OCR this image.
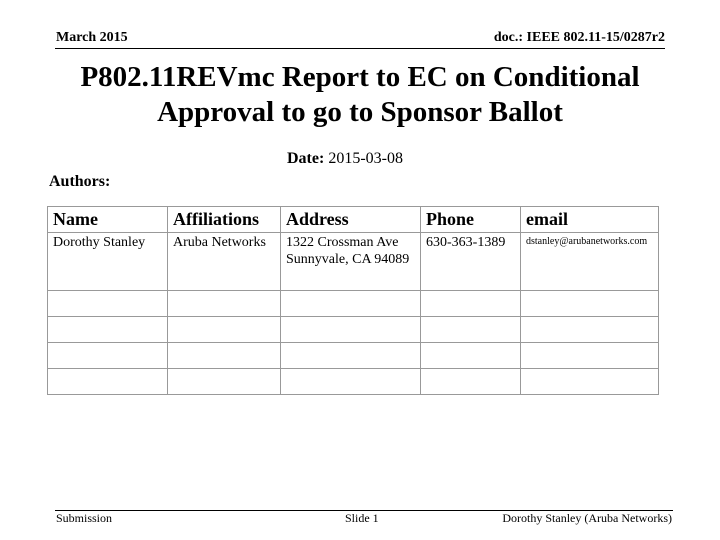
March 2015	doc.: IEEE 802.11-15/0287r2
P802.11REVmc Report to EC on Conditional Approval to go to Sponsor Ballot
Date: 2015-03-08
Authors:
Name	Affiliations	Address	Phone	email
Dorothy Stanley	Aruba Networks	1322 Crossman Ave Sunnyvale, CA 94089	630-363-1389	dstanley@arubanetworks.com

Submission	Slide 1	Dorothy Stanley (Aruba Networks)
